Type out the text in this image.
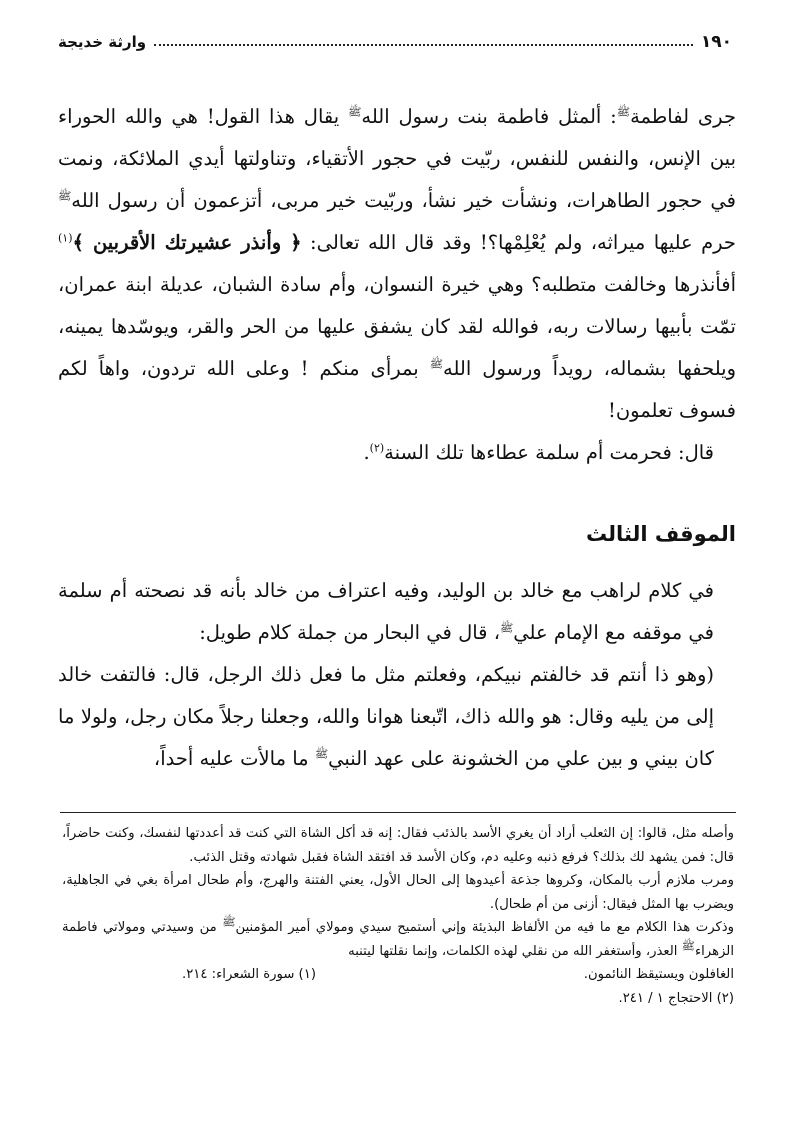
١٩٠
وارثة خديجة

جرى لفاطمة$^ﷺ$: ألمثل فاطمة بنت رسول الله$^ﷺ$ يقال هذا القول! هي والله الحوراء بين الإنس، والنفس للنفس، ربّيت في حجور الأتقياء، وتناولتها أيدي الملائكة، ونمت في حجور الطاهرات، ونشأت خير نشأ، وربّيت خير مربى، أتزعمون أن رسول الله$^ﷺ$ حرم عليها ميراثه، ولم يُعْلِمْها؟! وقد قال الله تعالى: ﴿ وأنذر عشيرتك الأقربين ﴾$^{(١)}$ أفأنذرها وخالفت متطلبه؟ وهي خيرة النسوان، وأم سادة الشبان، عديلة ابنة عمران، تمّت بأبيها رسالات ربه، فوالله لقد كان يشفق عليها من الحر والقر، ويوسّدها يمينه، ويلحفها بشماله، رويداً ورسول الله$^ﷺ$ بمرأى منكم ! وعلى الله تردون، واهاً لكم فسوف تعلمون!

قال: فحرمت أم سلمة عطاءها تلك السنة$^{(٢)}$.

الموقف الثالث

في كلام لراهب مع خالد بن الوليد، وفيه اعتراف من خالد بأنه قد نصحته أم سلمة في موقفه مع الإمام علي$^ﷺ$، قال في البحار من جملة كلام طويل:

(وهو ذا أنتم قد خالفتم نبيكم، وفعلتم مثل ما فعل ذلك الرجل، قال: فالتفت خالد إلى من يليه وقال: هو والله ذاك، اتّبعنا هوانا والله، وجعلنا رجلاً مكان رجل، ولولا ما كان بيني و بين علي من الخشونة على عهد النبي$^ﷺ$ ما مالأت عليه أحداً،

وأصله مثل، قالوا: إن الثعلب أراد أن يغري الأسد بالذئب فقال: إنه قد أكل الشاة التي كنت قد أعددتها لنفسك، وكنت حاضراً، قال: فمن يشهد لك بذلك؟ فرفع ذنبه وعليه دم، وكان الأسد قد افتقد الشاة فقبل شهادته وقتل الذئب.

ومرب ملازم أرب بالمكان، وكروها جذعة أعيدوها إلى الحال الأول، يعني الفتنة والهرج، وأم طحال امرأة بغي في الجاهلية، ويضرب بها المثل فيقال: أزنى من أم طحال).

وذكرت هذا الكلام مع ما فيه من الألفاظ البذيئة وإني أستميح سيدي ومولاي أمير المؤمنين$^ﷺ$ من وسيدتي ومولاتي فاطمة الزهراء$^ﷺ$ العذر، وأستغفر الله من نقلي لهذه الكلمات، وإنما نقلتها ليتنبه

الغافلون ويستيقظ النائمون.
(١) سورة الشعراء: ٢١٤.

(٢) الاحتجاج ١ / ٢٤١.
